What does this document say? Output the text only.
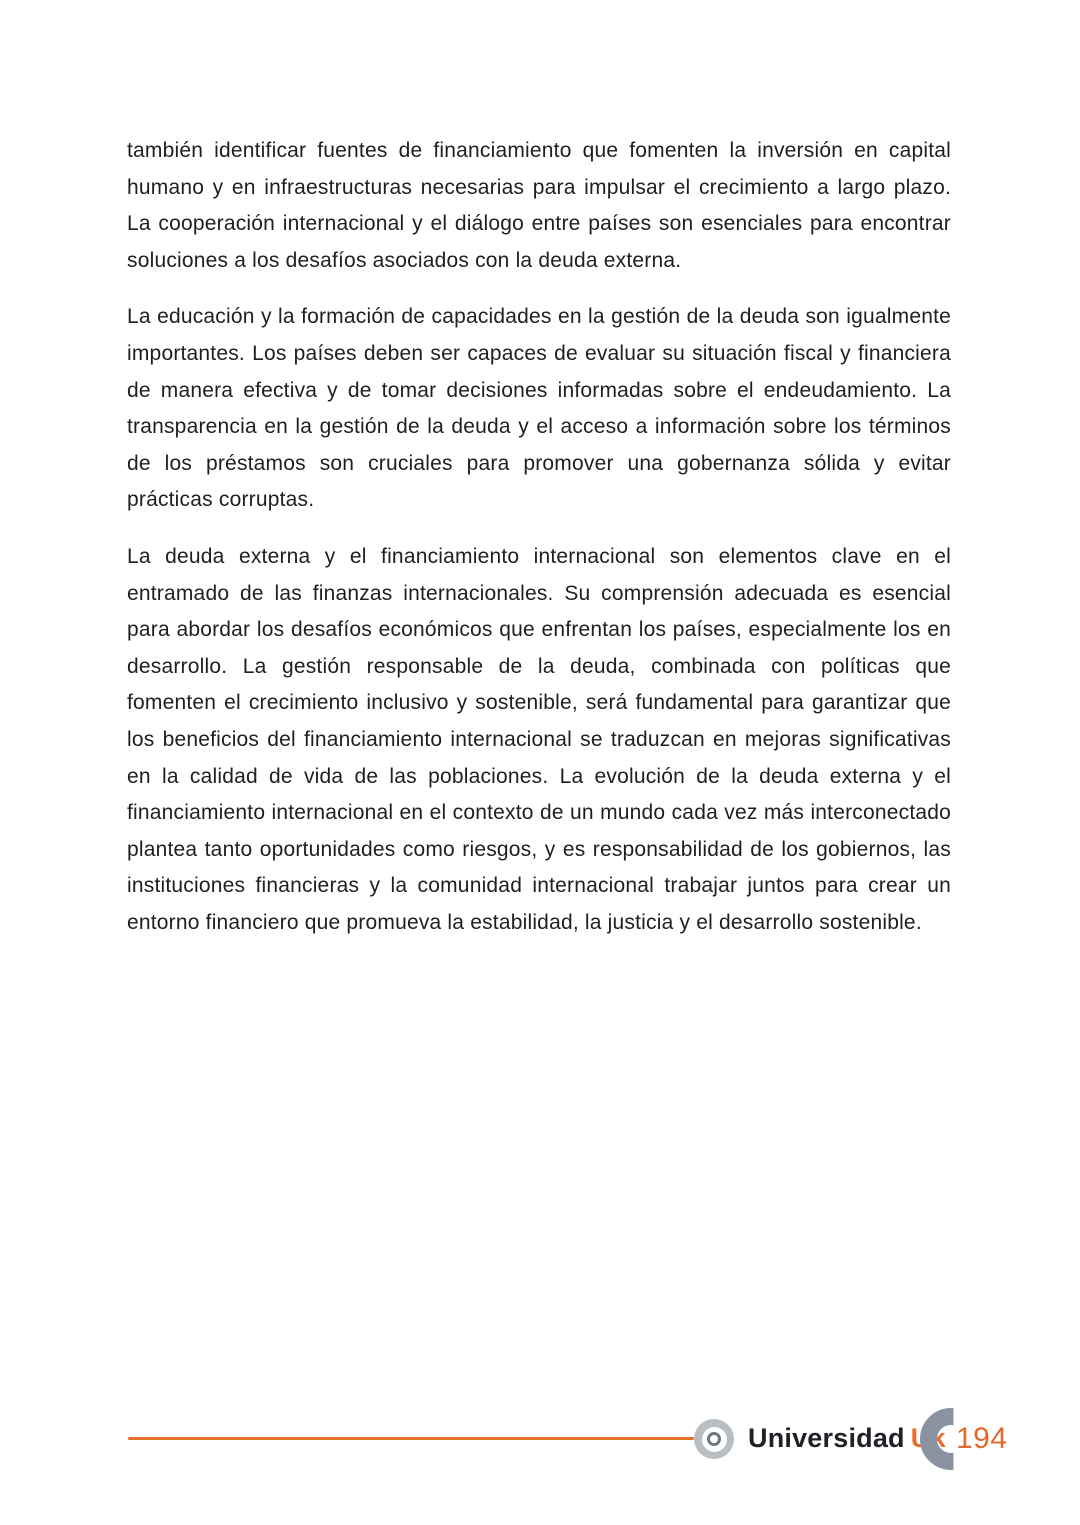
también identificar fuentes de financiamiento que fomenten la inversión en capital humano y en infraestructuras necesarias para impulsar el crecimiento a largo plazo. La cooperación internacional y el diálogo entre países son esenciales para encontrar soluciones a los desafíos asociados con la deuda externa.

La educación y la formación de capacidades en la gestión de la deuda son igualmente importantes. Los países deben ser capaces de evaluar su situación fiscal y financiera de manera efectiva y de tomar decisiones informadas sobre el endeudamiento. La transparencia en la gestión de la deuda y el acceso a información sobre los términos de los préstamos son cruciales para promover una gobernanza sólida y evitar prácticas corruptas.

La deuda externa y el financiamiento internacional son elementos clave en el entramado de las finanzas internacionales. Su comprensión adecuada es esencial para abordar los desafíos económicos que enfrentan los países, especialmente los en desarrollo. La gestión responsable de la deuda, combinada con políticas que fomenten el crecimiento inclusivo y sostenible, será fundamental para garantizar que los beneficios del financiamiento internacional se traduzcan en mejoras significativas en la calidad de vida de las poblaciones. La evolución de la deuda externa y el financiamiento internacional en el contexto de un mundo cada vez más interconectado plantea tanto oportunidades como riesgos, y es responsabilidad de los gobiernos, las instituciones financieras y la comunidad internacional trabajar juntos para crear un entorno financiero que promueva la estabilidad, la justicia y el desarrollo sostenible.

Universidad Uk 194
